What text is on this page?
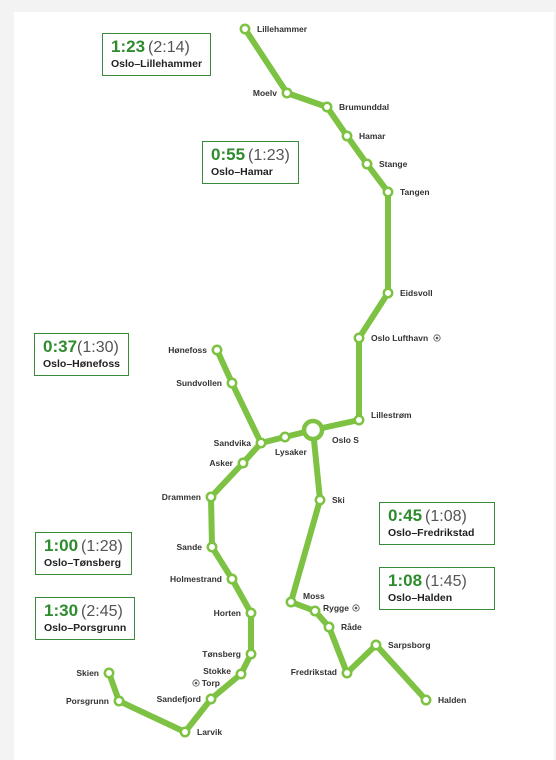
Lillehammer
Moelv
Brumunddal
Hamar
Stange
Tangen
Eidsvoll
Oslo Lufthavn
Lillestrøm
Oslo S
Lysaker
Sandvika
Hønefoss
Sundvollen
Asker
Drammen
Sande
Holmestrand
Horten
Tønsberg
Stokke
Torp
Sandefjord
Larvik
Porsgrunn
Skien
Ski
Moss
Rygge
Råde
Fredrikstad
Sarpsborg
Halden
1:23 (2:14)
Oslo–Lillehammer
0:55 (1:23)
Oslo–Hamar
0:37(1:30)
Oslo–Hønefoss
0:45 (1:08)
Oslo–Fredrikstad
1:00 (1:28)
Oslo–Tønsberg
1:08 (1:45)
Oslo–Halden
1:30 (2:45)
Oslo–Porsgrunn
